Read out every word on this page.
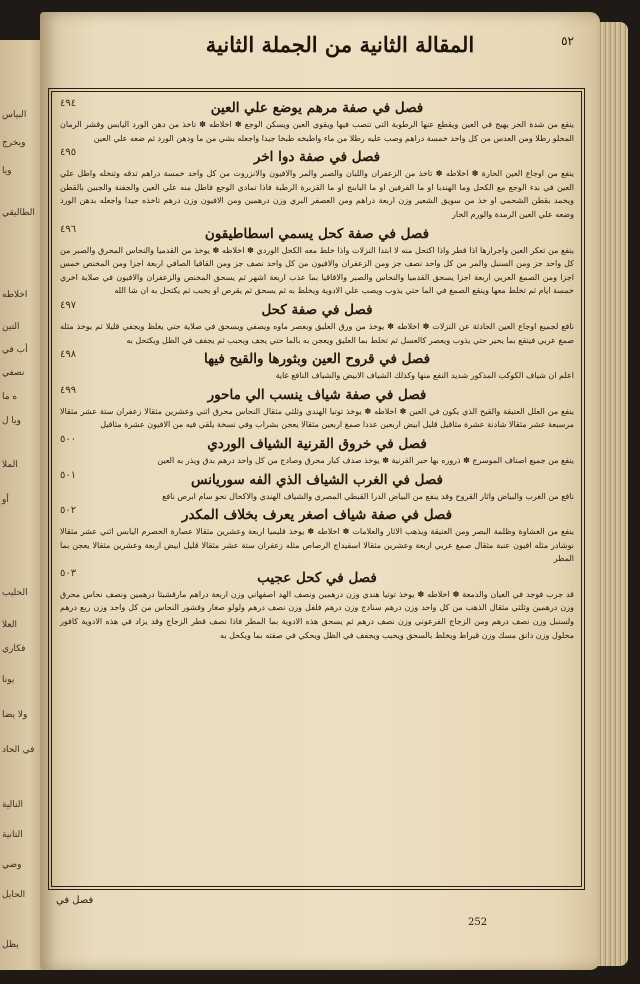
البياس
ويخرج
ويا
الطاليقي
اخلاطه
التين
أب في
نصفي
ه ما
ويا ل
الملا
أو
الحليب
العلا
فكاري
يونا
ولا يضا
في الحاد
النالية
التانية
وضي
الحايل
يظل
المقالة الثانية من الجملة الثانية	٥٢
٤٩٤	فصل في صفة مرهم يوضع علي العين
ينفع من شدة الحر يهيج في العين ويقطع عنها الرطوبة التي تنصب فيها ويقوي العين ويسكن الوجع ✽ اخلاطه ✽ تاخذ من دهن الورد اليابس وقشر الرمان المحلو رطلا ومن العدس من كل واحد خمسة دراهم وصب عليه رطلا من ماء واطبخه طبخا جيدا واجعله بشي من ما ودهن الورد ثم ضعه علي العين
٤٩٥	فصل في صفة دوا اخر
ينفع من اوجاع العين الحارة ✽ اخلاطه ✽ تاخذ من الزعفران واللبان والصبر والمر والافيون والانزروت من كل واحد خمسة دراهم تدقه وتنخله واطل علي العين في بدء الوجع مع الكحل وما الهندبا او ما الفرفين او ما البابنج او ما القزبرة الرطبة فاذا تمادي الوجع فاطل منه علي العين والجفنة والجبين بالقطن ويخمد بقطن الشحمي او خذ من سويق الشعير وزن اربعة دراهم ومن العصفر البري وزن درهمين ومن الافيون وزن درهم تاخذه جيدا واجعله بدهن الورد وضعه علي العين الرمدة والورم الحار
٤٩٦	فصل في صفة كحل يسمي اسطاطيقون
ينفع من تعكر العين واجرارها اذا قطر واذا اكتحل منه لا ابتدا النزلات واذا خلط معه الكحل الوردي ✽ اخلاطه ✽ يوخذ من القدميا والنحاس المحرق والصبر من كل واحد جز ومن السنبل والمر من كل واحد نصف جز ومن الزعفران والافيون من كل واحد نصف جز ومن القاقيا الصافي اربعة اجزا ومن المخنص خمس اجزا ومن الصمغ العربي اربعة اجزا يسحق القدميا والنحاس والصبر والاقاقيا بما عذب اربعة اشهر ثم يسحق المخنص والزعفران والافيون في صلاية اخري خمسة ايام ثم تخلط معها وينقع الصمغ في الما حتي يذوب ويصب علي الادوية ويخلط به ثم يسحق ثم يقرص او يحبب ثم يكتحل به ان شا الله
٤٩٧	فصل في صفة كحل
نافع لجميع اوجاع العين الحادثة عن النزلات ✽ اخلاطه ✽ يوخذ من ورق العليق وبعصر ماوه ويصفي ويسحق في صلاية حتي يغلظ ويجفي قليلا ثم يوخذ مثله صمغ عربي فينقع بما يحير حتي يذوب ويعصر كالعسل ثم تخلط بما العليق ويعجن به بالما حتي يجف ويحبب ثم يجفف في الظل ويكتحل به
٤٩٨	فصل في قروح العين وبثورها والقيح فيها
اعلم ان شياف الكوكب المذكور شديد النفع منها وكذلك الشياف الابيض والشياف النافع غاية
٤٩٩	فصل في صفة شياف ينسب الي ماحور
ينفع من العلل العتيقة والقيح الذي يكون في العين ✽ اخلاطه ✽ يوخذ توتيا الهندي وثلثي مثقال النحاس محرق اثني وعشرين مثقالا زعفران ستة عشر مثقالا مرسبعة عشر مثقالا شادنة عشرة مثاقيل قليل ابيض اربعين عددا صمغ اربعين مثقالا يعجن بشراب وفي نسخة يلقي فيه من الافيون عشرة مثاقيل
٥٠٠	فصل في خروق القرنية الشياف الوردي
ينفع من جميع اصناف الموسرج ✽ ذروره بها حبر القرنية ✽ يوخذ صدف كبار محرق وصادج من كل واحد درهم بدق ويذر به العين
٥٠١	فصل في الغرب الشياف الذي الفه سوريانس
نافع من الغرب والبياض واثار القروح وقد ينفع من البياض الدرا القبطي المصري والشياف الهندي والاكحال نحو سام ابرص نافع
٥٠٢	فصل في صفة شياف اصغر يعرف بخلاف المكدر
ينفع من الغشاوة وظلمة البصر ومن العتيقة ويذهب الاثار والعلامات ✽ اخلاطه ✽ يوخذ قليميا اربعة وعشرين مثقالا عصارة الحصرم اليابس اثني عشر مثقالا نوشادر مثله افيون عنبة مثقال صمغ عربي اربعة وعشرين مثقالا اسفيداج الرصاص مثله زعفران ستة عشر مثقالا قليل ابيض اربعة وعشرين مثقالا يعجن بما المطر
٥٠٣	فصل في كحل عجيب
قد جرب فوجد في العيان والدمعة ✽ اخلاطه ✽ يوخذ توتيا هندي وزن درهمين ونصف الهد اصفهاني وزن اربعة دراهم مارقشيثا درهمين ونصف نحاس محرق وزن درهمين وثلثي مثقال الذهب من كل واحد وزن درهم سنادج وزن درهم فلفل وزن نصف درهم ولولو صغار وقشور النحاس من كل واحد وزن ربع درهم ولسنبل وزن نصف درهم ومن الزجاج الفرعوني وزن نصف درهم ثم يسحق هذه الادوية بما المطر فاذا نصف قطر الزجاج وقد يزاد في هذه الادوية كافور محلول وزن دانق مسك وزن قيراط ويخلط بالسحق ويحبب ويجفف في الظل ويحكي في صفته بما ويكحل به
فصل في
252
